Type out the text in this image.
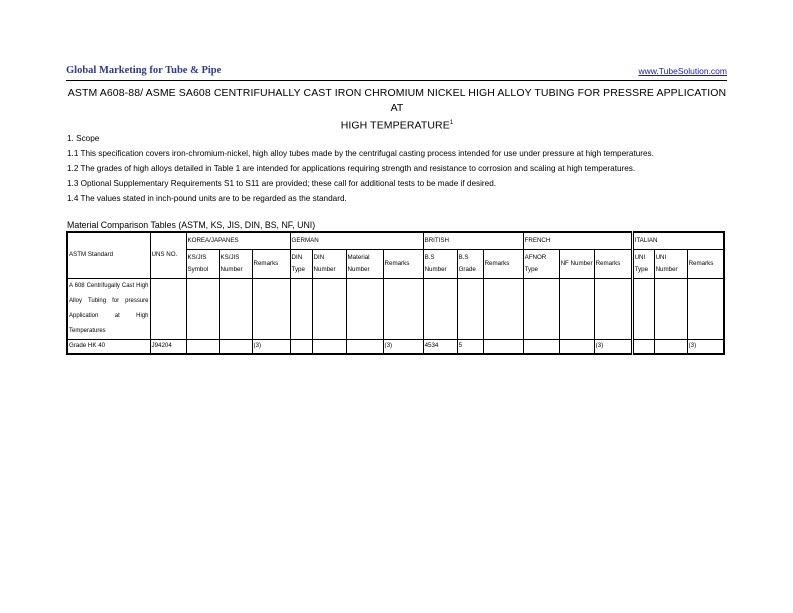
Global Marketing for Tube & Pipe	www.TubeSolution.com
ASTM A608-88/ ASME SA608 CENTRIFUHALLY CAST IRON CHROMIUM NICKEL HIGH ALLOY TUBING FOR PRESSRE APPLICATION AT
HIGH TEMPERATURE$^1$
1. Scope
1.1 This specification covers iron-chromium-nickel, high alloy tubes made by the centrifugal casting process intended for use under pressure at high temperatures.
1.2 The grades of high alloys detailed in Table 1 are intended for applications requiring strength and resistance to corrosion and scaling at high temperatures.
1.3 Optional Supplementary Requirements S1 to S11 are provided; these call for additional tests to be made if desired.
1.4 The values stated in inch-pound units are to be regarded as the standard.
Material Comparison Tables (ASTM, KS, JIS, DIN, BS, NF, UNI)
ASTM Standard	UNS NO.	KOREA/JAPANES			GERMAN				BRITISH			FRENCH			ITALIAN		
		KS/JIS Symbol	KS/JIS Number	Remarks	DIN Type	DIN Number	Material Number	Remarks	B.S Number	B.S Grade	Remarks	AFNOR Type	NF Number	Remarks	UNI Type	UNI Number	Remarks
A 608 Centrifugally Cast High Alloy Tubing for pressure Application at High Temperatures																	
Grade HK 40	J94204			(3)				(3)	4534	5				(3)			(3)
